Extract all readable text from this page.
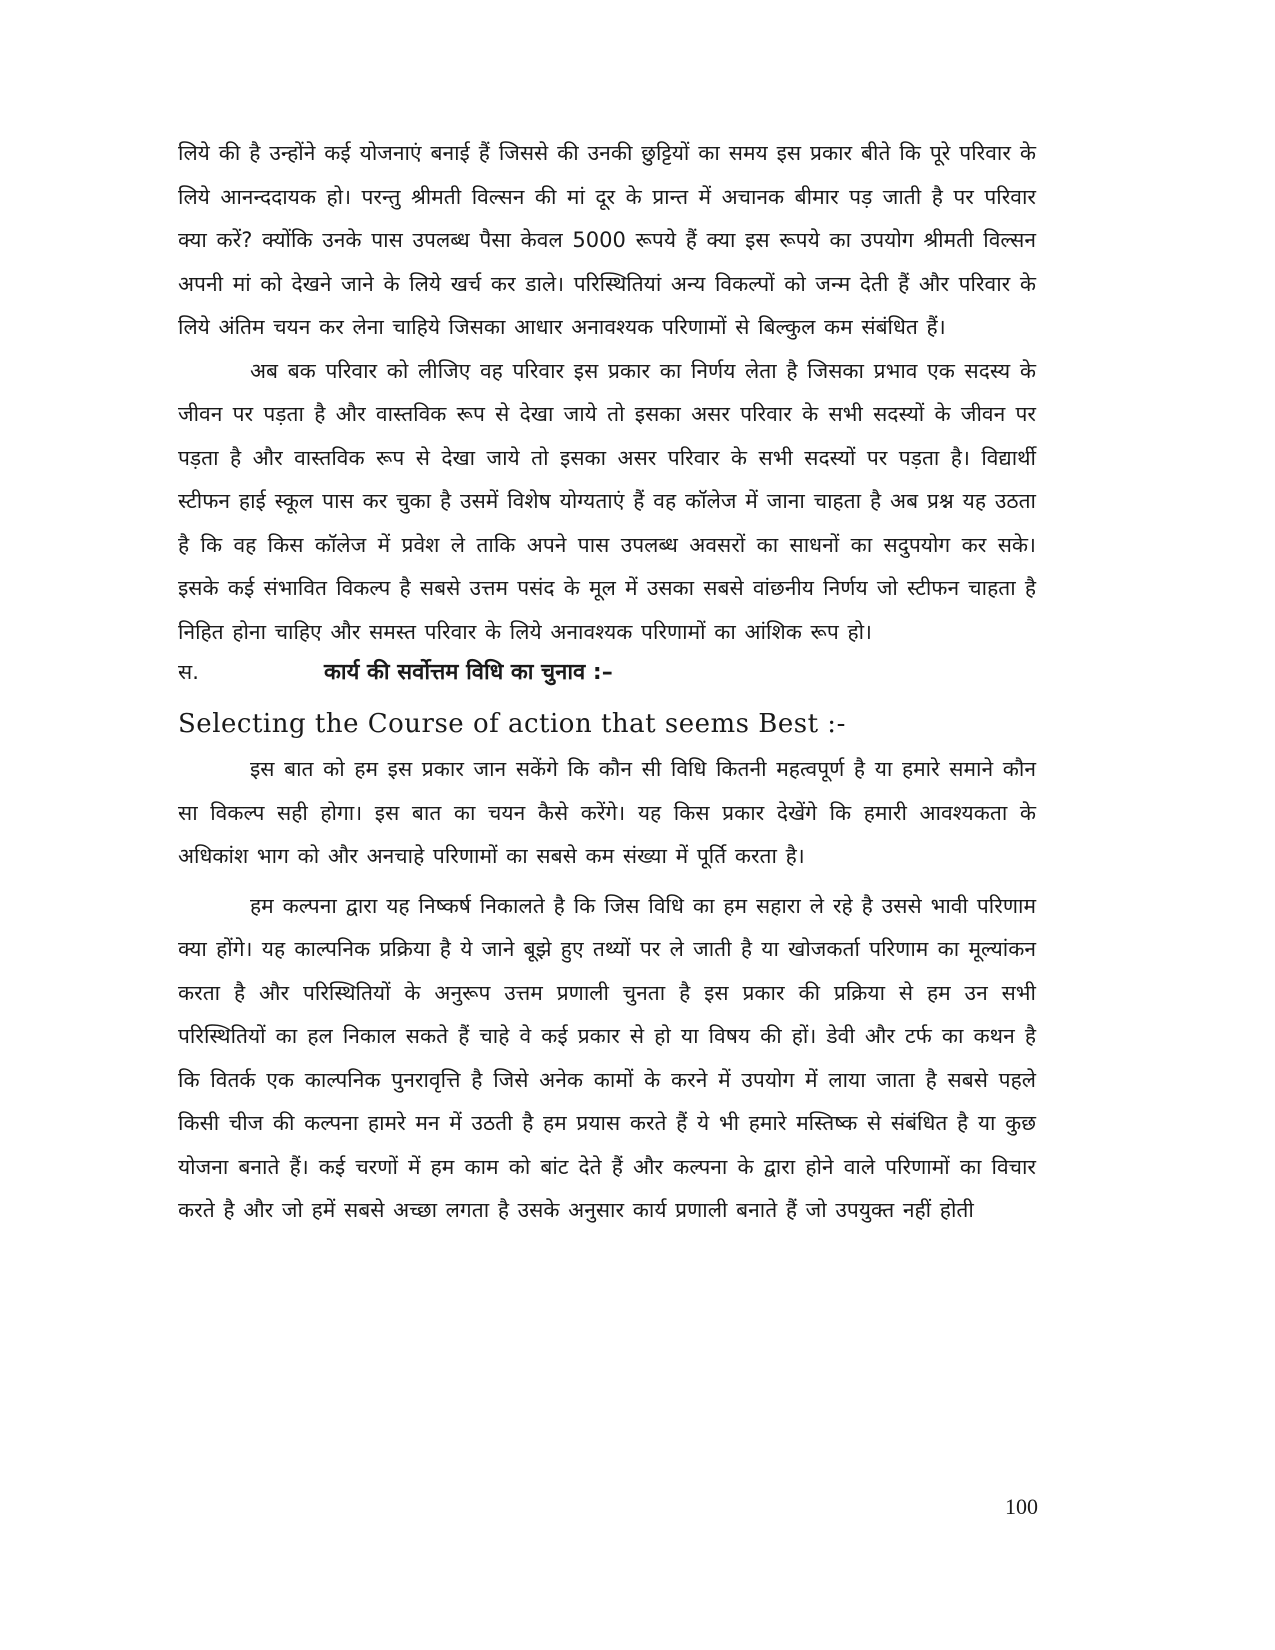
लिये की है उन्होंने कई योजनाएं बनाई हैं जिससे की उनकी छुट्टियों का समय इस प्रकार बीते कि पूरे परिवार के लिये आनन्ददायक हो। परन्तु श्रीमती विल्सन की मां दूर के प्रान्त में अचानक बीमार पड़ जाती है पर परिवार क्या करें? क्योंकि उनके पास उपलब्ध पैसा केवल 5000 रूपये हैं क्या इस रूपये का उपयोग श्रीमती विल्सन अपनी मां को देखने जाने के लिये खर्च कर डाले। परिस्थितियां अन्य विकल्पों को जन्म देती हैं और परिवार के लिये अंतिम चयन कर लेना चाहिये जिसका आधार अनावश्यक परिणामों से बिल्कुल कम संबंधित हैं।

अब बक परिवार को लीजिए वह परिवार इस प्रकार का निर्णय लेता है जिसका प्रभाव एक सदस्य के जीवन पर पड़ता है और वास्तविक रूप से देखा जाये तो इसका असर परिवार के सभी सदस्यों के जीवन पर पड़ता है और वास्तविक रूप से देखा जाये तो इसका असर परिवार के सभी सदस्यों पर पड़ता है। विद्यार्थी स्टीफन हाई स्कूल पास कर चुका है उसमें विशेष योग्यताएं हैं वह कॉलेज में जाना चाहता है अब प्रश्न यह उठता है कि वह किस कॉलेज में प्रवेश ले ताकि अपने पास उपलब्ध अवसरों का साधनों का सदुपयोग कर सके। इसके कई संभावित विकल्प है सबसे उत्तम पसंद के मूल में उसका सबसे वांछनीय निर्णय जो स्टीफन चाहता है निहित होना चाहिए और समस्त परिवार के लिये अनावश्यक परिणामों का आंशिक रूप हो।

स.	कार्य की सर्वोत्तम विधि का चुनाव :–

Selecting the Course of action that seems Best :-

इस बात को हम इस प्रकार जान सकेंगे कि कौन सी विधि कितनी महत्वपूर्ण है या हमारे समाने कौन सा विकल्प सही होगा। इस बात का चयन कैसे करेंगे। यह किस प्रकार देखेंगे कि हमारी आवश्यकता के अधिकांश भाग को और अनचाहे परिणामों का सबसे कम संख्या में पूर्ति करता है।

हम कल्पना द्वारा यह निष्कर्ष निकालते है कि जिस विधि का हम सहारा ले रहे है उससे भावी परिणाम क्या होंगे। यह काल्पनिक प्रक्रिया है ये जाने बूझे हुए तथ्यों पर ले जाती है या खोजकर्ता परिणाम का मूल्यांकन करता है और परिस्थितियों के अनुरूप उत्तम प्रणाली चुनता है इस प्रकार की प्रक्रिया से हम उन सभी परिस्थितियों का हल निकाल सकते हैं चाहे वे कई प्रकार से हो या विषय की हों। डेवी और टर्फ का कथन है कि वितर्क एक काल्पनिक पुनरावृत्ति है जिसे अनेक कामों के करने में उपयोग में लाया जाता है सबसे पहले किसी चीज की कल्पना हामरे मन में उठती है हम प्रयास करते हैं ये भी हमारे मस्तिष्क से संबंधित है या कुछ योजना बनाते हैं। कई चरणों में हम काम को बांट देते हैं और कल्पना के द्वारा होने वाले परिणामों का विचार करते है और जो हमें सबसे अच्छा लगता है उसके अनुसार कार्य प्रणाली बनाते हैं जो उपयुक्त नहीं होती

100
